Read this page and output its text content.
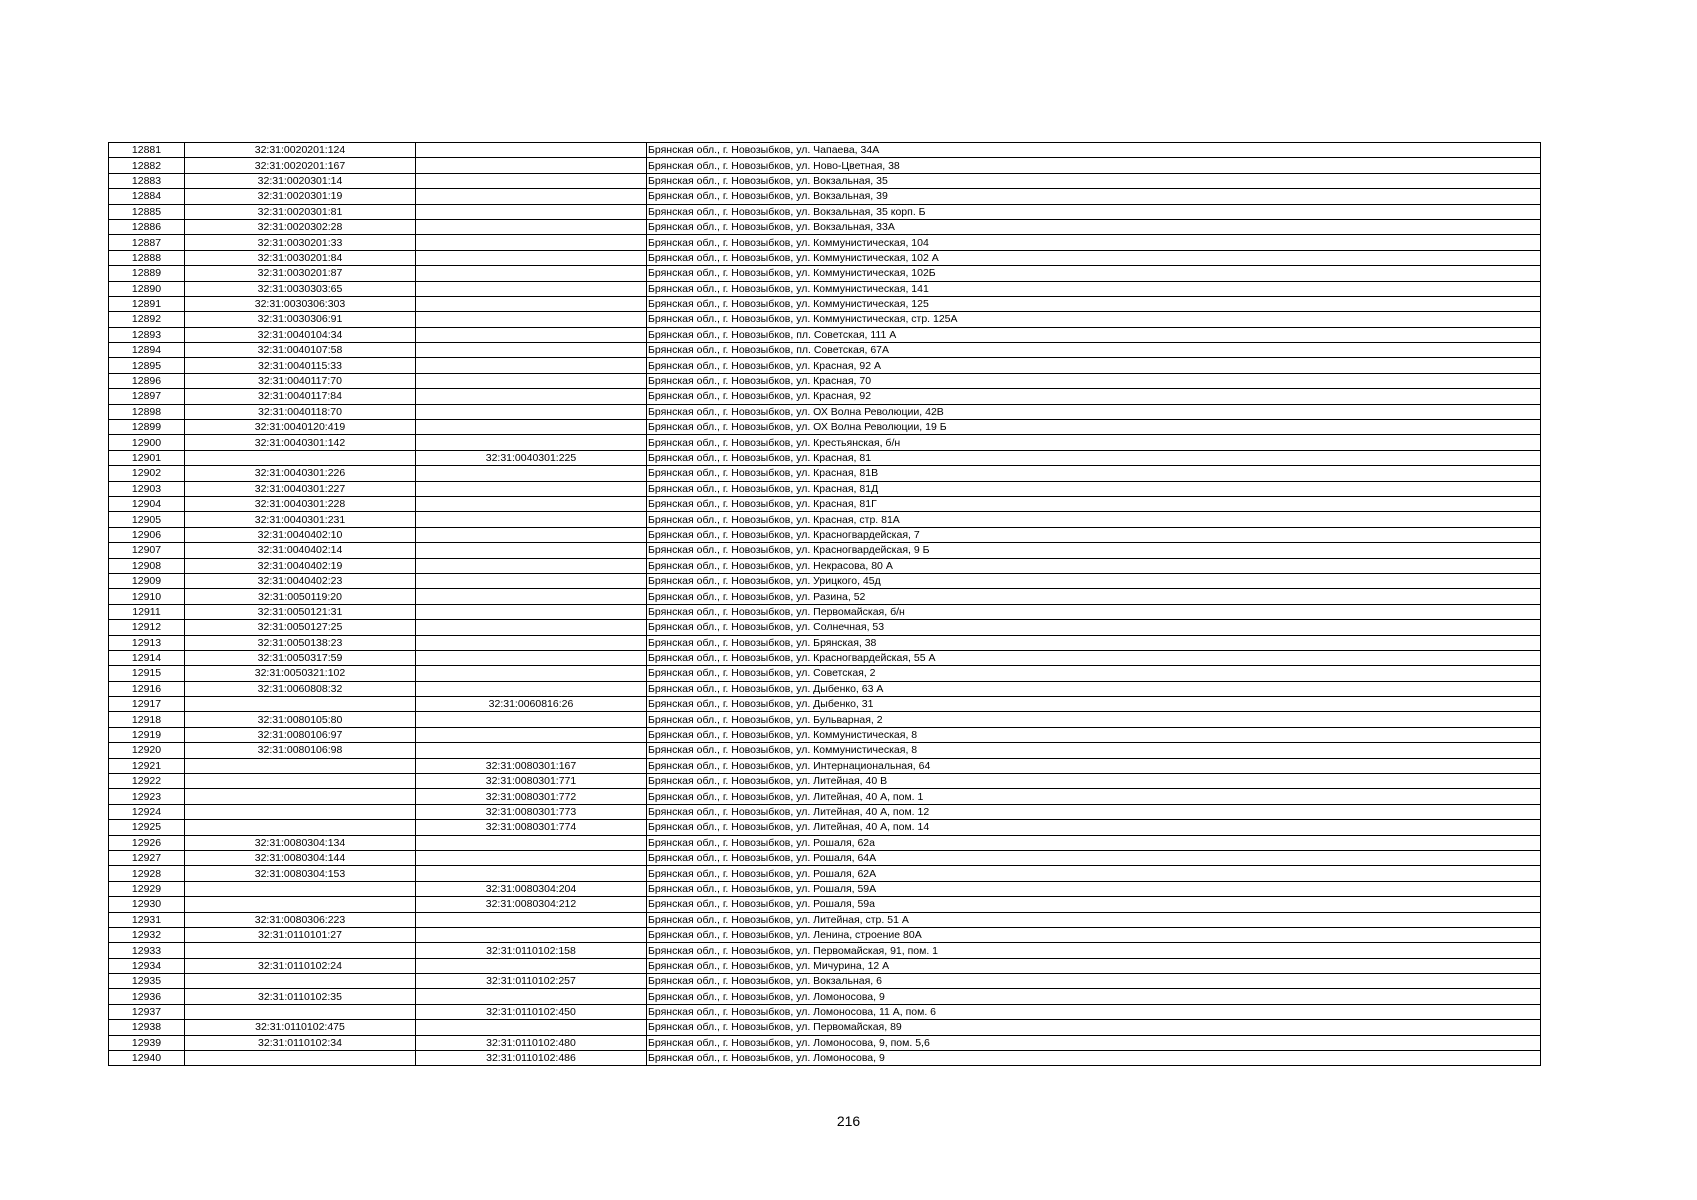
12881	32:31:0020201:124		Брянская обл., г. Новозыбков, ул. Чапаева, 34А
12882	32:31:0020201:167		Брянская обл., г. Новозыбков, ул. Ново-Цветная, 38
12883	32:31:0020301:14		Брянская обл., г. Новозыбков, ул. Вокзальная, 35
12884	32:31:0020301:19		Брянская обл., г. Новозыбков, ул. Вокзальная, 39
12885	32:31:0020301:81		Брянская обл., г. Новозыбков, ул. Вокзальная, 35 корп. Б
12886	32:31:0020302:28		Брянская обл., г. Новозыбков, ул. Вокзальная, 33А
12887	32:31:0030201:33		Брянская обл., г. Новозыбков, ул. Коммунистическая, 104
12888	32:31:0030201:84		Брянская обл., г. Новозыбков, ул. Коммунистическая, 102 А
12889	32:31:0030201:87		Брянская обл., г. Новозыбков, ул. Коммунистическая, 102Б
12890	32:31:0030303:65		Брянская обл., г. Новозыбков, ул. Коммунистическая, 141
12891	32:31:0030306:303		Брянская обл., г. Новозыбков, ул. Коммунистическая, 125
12892	32:31:0030306:91		Брянская обл., г. Новозыбков, ул. Коммунистическая, стр. 125А
12893	32:31:0040104:34		Брянская обл., г. Новозыбков, пл. Советская, 111 А
12894	32:31:0040107:58		Брянская обл., г. Новозыбков, пл. Советская, 67А
12895	32:31:0040115:33		Брянская обл., г. Новозыбков, ул. Красная, 92 А
12896	32:31:0040117:70		Брянская обл., г. Новозыбков, ул. Красная, 70
12897	32:31:0040117:84		Брянская обл., г. Новозыбков, ул. Красная, 92
12898	32:31:0040118:70		Брянская обл., г. Новозыбков, ул. ОХ Волна Революции, 42В
12899	32:31:0040120:419		Брянская обл., г. Новозыбков, ул. ОХ Волна Революции, 19 Б
12900	32:31:0040301:142		Брянская обл., г. Новозыбков, ул. Крестьянская, б/н
12901		32:31:0040301:225	Брянская обл., г. Новозыбков, ул. Красная, 81
12902	32:31:0040301:226		Брянская обл., г. Новозыбков, ул. Красная, 81В
12903	32:31:0040301:227		Брянская обл., г. Новозыбков, ул. Красная, 81Д
12904	32:31:0040301:228		Брянская обл., г. Новозыбков, ул. Красная, 81Г
12905	32:31:0040301:231		Брянская обл., г. Новозыбков, ул. Красная, стр. 81А
12906	32:31:0040402:10		Брянская обл., г. Новозыбков, ул. Красногвардейская, 7
12907	32:31:0040402:14		Брянская обл., г. Новозыбков, ул. Красногвардейская, 9 Б
12908	32:31:0040402:19		Брянская обл., г. Новозыбков, ул. Некрасова, 80 А
12909	32:31:0040402:23		Брянская обл., г. Новозыбков, ул. Урицкого, 45д
12910	32:31:0050119:20		Брянская обл., г. Новозыбков, ул. Разина, 52
12911	32:31:0050121:31		Брянская обл., г. Новозыбков, ул. Первомайская, б/н
12912	32:31:0050127:25		Брянская обл., г. Новозыбков, ул. Солнечная, 53
12913	32:31:0050138:23		Брянская обл., г. Новозыбков, ул. Брянская, 38
12914	32:31:0050317:59		Брянская обл., г. Новозыбков, ул. Красногвардейская, 55 А
12915	32:31:0050321:102		Брянская обл., г. Новозыбков, ул. Советская, 2
12916	32:31:0060808:32		Брянская обл., г. Новозыбков, ул. Дыбенко, 63 А
12917		32:31:0060816:26	Брянская обл., г. Новозыбков, ул. Дыбенко, 31
12918	32:31:0080105:80		Брянская обл., г. Новозыбков, ул. Бульварная, 2
12919	32:31:0080106:97		Брянская обл., г. Новозыбков, ул. Коммунистическая, 8
12920	32:31:0080106:98		Брянская обл., г. Новозыбков, ул. Коммунистическая, 8
12921		32:31:0080301:167	Брянская обл., г. Новозыбков, ул. Интернациональная, 64
12922		32:31:0080301:771	Брянская обл., г. Новозыбков, ул. Литейная, 40 В
12923		32:31:0080301:772	Брянская обл., г. Новозыбков, ул. Литейная, 40 А, пом. 1
12924		32:31:0080301:773	Брянская обл., г. Новозыбков, ул. Литейная, 40 А, пом. 12
12925		32:31:0080301:774	Брянская обл., г. Новозыбков, ул. Литейная, 40 А, пом. 14
12926	32:31:0080304:134		Брянская обл., г. Новозыбков, ул. Рошаля, 62а
12927	32:31:0080304:144		Брянская обл., г. Новозыбков, ул. Рошаля, 64А
12928	32:31:0080304:153		Брянская обл., г. Новозыбков, ул. Рошаля, 62А
12929		32:31:0080304:204	Брянская обл., г. Новозыбков, ул. Рошаля, 59А
12930		32:31:0080304:212	Брянская обл., г. Новозыбков, ул. Рошаля, 59а
12931	32:31:0080306:223		Брянская обл., г. Новозыбков, ул. Литейная, стр. 51 А
12932	32:31:0110101:27		Брянская обл., г. Новозыбков, ул. Ленина, строение 80А
12933		32:31:0110102:158	Брянская обл., г. Новозыбков, ул. Первомайская, 91, пом. 1
12934	32:31:0110102:24		Брянская обл., г. Новозыбков, ул. Мичурина, 12 А
12935		32:31:0110102:257	Брянская обл., г. Новозыбков, ул. Вокзальная, 6
12936	32:31:0110102:35		Брянская обл., г. Новозыбков, ул. Ломоносова, 9
12937		32:31:0110102:450	Брянская обл., г. Новозыбков, ул. Ломоносова, 11 А, пом. 6
12938	32:31:0110102:475		Брянская обл., г. Новозыбков, ул. Первомайская, 89
12939	32:31:0110102:34	32:31:0110102:480	Брянская обл., г. Новозыбков, ул. Ломоносова, 9, пом. 5,6
12940		32:31:0110102:486	Брянская обл., г. Новозыбков, ул. Ломоносова, 9
216
